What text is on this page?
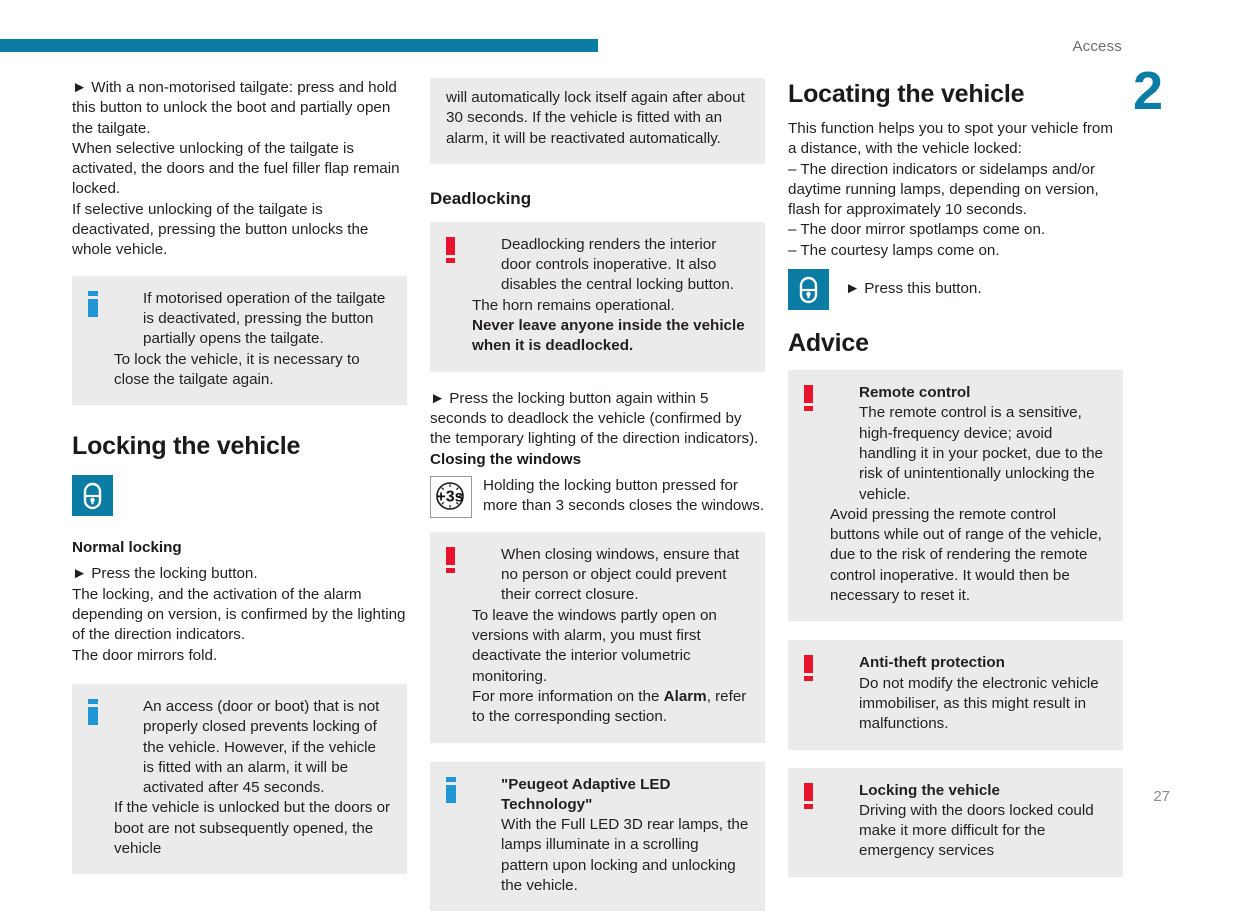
Access
2
27

► With a non-motorised tailgate: press and hold this button to unlock the boot and partially open the tailgate.

When selective unlocking of the tailgate is activated, the doors and the fuel filler flap remain locked.

If selective unlocking of the tailgate is deactivated, pressing the button unlocks the whole vehicle.

If motorised operation of the tailgate is deactivated, pressing the button partially opens the tailgate.

To lock the vehicle, it is necessary to close the tailgate again.

Locking the vehicle
Normal locking

► Press the locking button.

The locking, and the activation of the alarm depending on version, is confirmed by the lighting of the direction indicators.

The door mirrors fold.

An access (door or boot) that is not properly closed prevents locking of the vehicle. However, if the vehicle is fitted with an alarm, it will be activated after 45 seconds.

If the vehicle is unlocked but the doors or boot are not subsequently opened, the vehicle

will automatically lock itself again after about 30 seconds. If the vehicle is fitted with an alarm, it will be reactivated automatically.

Deadlocking

Deadlocking renders the interior door controls inoperative. It also disables the central locking button.

The horn remains operational.

Never leave anyone inside the vehicle when it is deadlocked.

► Press the locking button again within 5 seconds to deadlock the vehicle (confirmed by the temporary lighting of the direction indicators).

Closing the windows
+3s
Holding the locking button pressed for more than 3 seconds closes the windows.

When closing windows, ensure that no person or object could prevent their correct closure.

To leave the windows partly open on versions with alarm, you must first deactivate the interior volumetric monitoring.

For more information on the Alarm, refer to the corresponding section.

"Peugeot Adaptive LED Technology"

With the Full LED 3D rear lamps, the lamps illuminate in a scrolling pattern upon locking and unlocking the vehicle.

Locating the vehicle

This function helps you to spot your vehicle from a distance, with the vehicle locked:

– The direction indicators or sidelamps and/or daytime running lamps, depending on version, flash for approximately 10 seconds.

– The door mirror spotlamps come on.

– The courtesy lamps come on.

► Press this button.
Advice

Remote control

The remote control is a sensitive, high-frequency device; avoid handling it in your pocket, due to the risk of unintentionally unlocking the vehicle.

Avoid pressing the remote control buttons while out of range of the vehicle, due to the risk of rendering the remote control inoperative. It would then be necessary to reset it.

Anti-theft protection

Do not modify the electronic vehicle immobiliser, as this might result in malfunctions.

Locking the vehicle

Driving with the doors locked could make it more difficult for the emergency services
